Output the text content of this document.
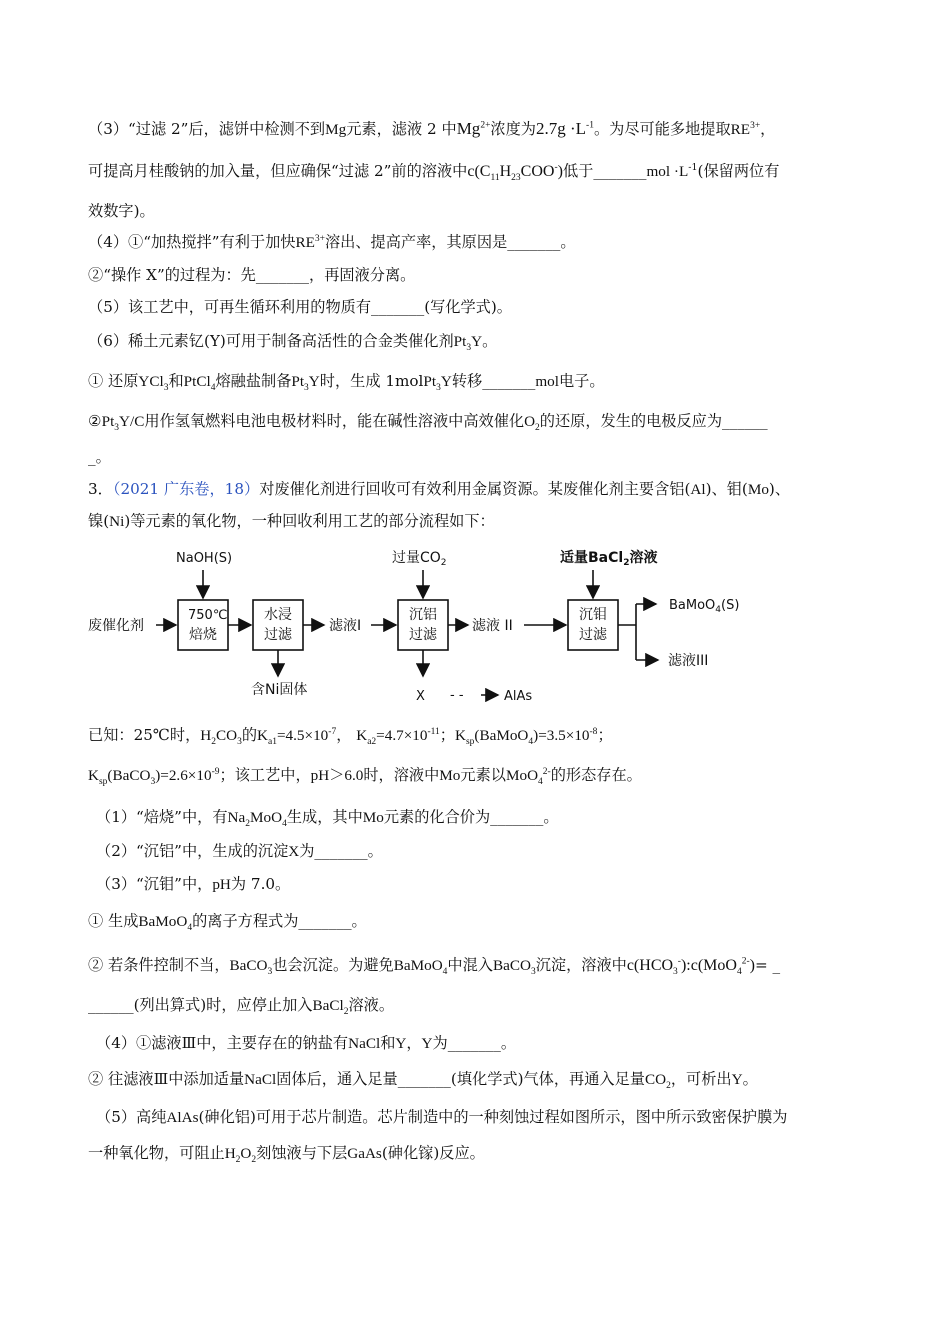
（3）“过滤 2”后，滤饼中检测不到Mg元素，滤液 2 中$Mg^{2+}$浓度为$2.7g \cdot L^{-1}$。为尽可能多地提取$RE^{3+}$，
可提高月桂酸钠的加入量，但应确保“过滤 2”前的溶液中$c(C_{11}H_{23}COO^-)$低于_______mol $\cdot L^{-1}$(保留两位有
效数字)。
（4）①“加热搅拌”有利于加快$RE^{3+}$溶出、提高产率，其原因是_______。
②“操作 X”的过程为：先_______，再固液分离。
（5）该工艺中，可再生循环利用的物质有_______(写化学式)。
（6）稀土元素钇(Y)可用于制备高活性的合金类催化剂$Pt_3Y$。
① 还原YCl$_3$和PtCl$_4$熔融盐制备$Pt_3Y$时，生成 1molPt$_3$Y转移_______mol电子。
$②Pt_3Y/C$用作氢氧燃料电池电极材料时，能在碱性溶液中高效催化$O_2$的还原，发生的电极反应为______
_。
3．（2021 广东卷，18）对废催化剂进行回收可有效利用金属资源。某废催化剂主要含铝(Al)、钼(Mo)、
镍(Ni)等元素的氧化物，一种回收利用工艺的部分流程如下：
NaOH(S)
废催化剂
750℃
焙烧
水浸
过滤
滤液I
过量$CO_2$
沉铝
过滤
滤液 II
适量BaCl$_2$溶液
沉钼
过滤
BaMoO$_4$(S)
滤液III
含Ni固体	X - -	AlAs
已知：25℃时，$H_2CO_3$的$K_{a1}=4.5\times 10^{-7}$， $K_{a2}=4.7\times 10^{-11}$；$K_{sp}(BaMoO_4)=3.5\times 10^{-8}$；
$K_{sp}(BaCO_3)=2.6\times 10^{-9}$；该工艺中，pH＞6.0时，溶液中Mo元素以MoO$_4^{2-}$的形态存在。
（1）“焙烧”中，有$Na_2MoO_4$生成，其中Mo元素的化合价为_______。
（2）“沉铝”中，生成的沉淀X为_______。
（3）“沉钼”中，pH为 7.0。
① 生成BaMoO$_4$的离子方程式为_______。
② 若条件控制不当，BaCO$_3$也会沉淀。为避免BaMoO$_4$中混入BaCO$_3$沉淀，溶液中$c(HCO_3^-):c(MoO_4^{2-})=$ _
______(列出算式)时，应停止加入BaCl$_2$溶液。
（4）①滤液Ⅲ中，主要存在的钠盐有NaCl和Y，Y为_______。
② 往滤液Ⅲ中添加适量NaCl固体后，通入足量_______(填化学式)气体，再通入足量$CO_2$，可析出Y。
（5）高纯AlAs(砷化铝)可用于芯片制造。芯片制造中的一种刻蚀过程如图所示，图中所示致密保护膜为
一种氧化物，可阻止$H_2O_2$刻蚀液与下层GaAs(砷化镓)反应。
